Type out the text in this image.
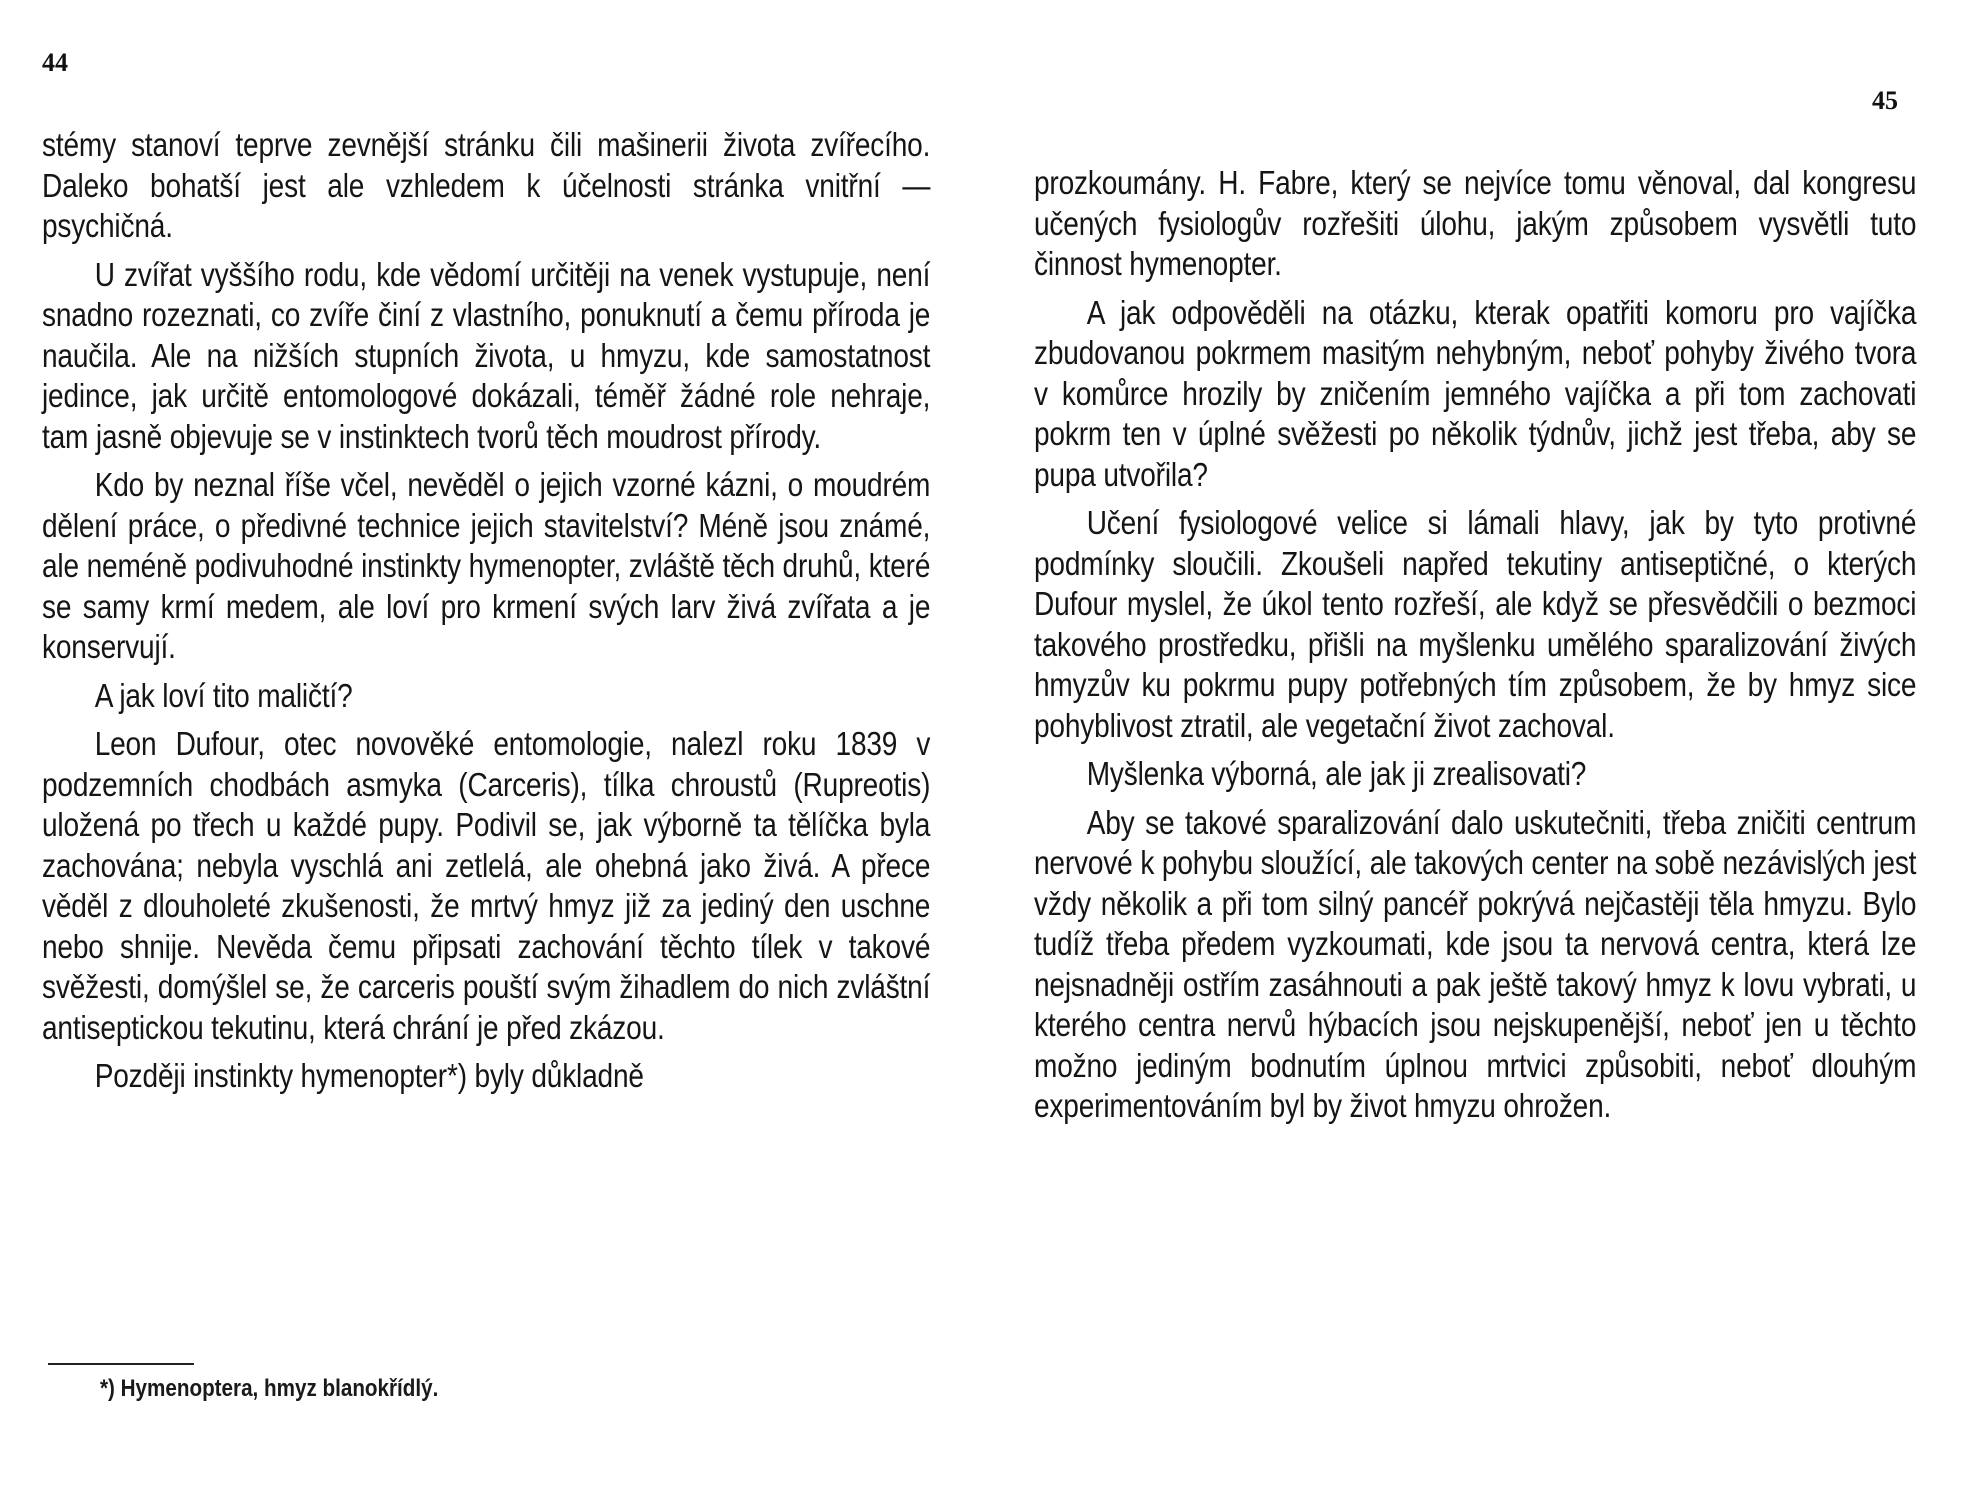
44

stémy stanoví teprve zevnější stránku čili mašinerii života zvířecího. Daleko bohatší jest ale vzhledem k účelnosti stránka vnitřní — psychičná.

U zvířat vyššího rodu, kde vědomí určitěji na venek vystupuje, není snadno rozeznati, co zvíře činí z vlastního, ponuknutí a čemu příroda je naučila. Ale na nižších stupních života, u hmyzu, kde samostatnost jedince, jak určitě entomologové dokázali, téměř žádné role nehraje, tam jasně objevuje se v instinktech tvorů těch moudrost přírody.

Kdo by neznal říše včel, nevěděl o jejich vzorné kázni, o moudrém dělení práce, o předivné technice jejich stavitelství? Méně jsou známé, ale neméně podivuhodné instinkty hymenopter, zvláště těch druhů, které se samy krmí medem, ale loví pro krmení svých larv živá zvířata a je konservují.

A jak loví tito maličtí?

Leon Dufour, otec novověké entomologie, nalezl roku 1839 v podzemních chodbách asmyka (Carceris), tílka chroustů (Rupreotis) uložená po třech u každé pupy. Podivil se, jak výborně ta tělíčka byla zachována; nebyla vyschlá ani zetlelá, ale ohebná jako živá. A přece věděl z dlouholeté zkušenosti, že mrtvý hmyz již za jediný den uschne nebo shnije. Nevěda čemu připsati zachování těchto tílek v takové svěžesti, domýšlel se, že carceris pouští svým žihadlem do nich zvláštní antiseptickou tekutinu, která chrání je před zkázou.

Později instinkty hymenopter*) byly důkladně

*) Hymenoptera, hmyz blanokřídlý.
45

prozkoumány. H. Fabre, který se nejvíce tomu věnoval, dal kongresu učených fysiologův rozřešiti úlohu, jakým způsobem vysvětli tuto činnost hymenopter.

A jak odpověděli na otázku, kterak opatřiti komoru pro vajíčka zbudovanou pokrmem masitým nehybným, neboť pohyby živého tvora v komůrce hrozily by zničením jemného vajíčka a při tom zachovati pokrm ten v úplné svěžesti po několik týdnův, jichž jest třeba, aby se pupa utvořila?

Učení fysiologové velice si lámali hlavy, jak by tyto protivné podmínky sloučili. Zkoušeli napřed tekutiny antiseptičné, o kterých Dufour myslel, že úkol tento rozřeší, ale když se přesvědčili o bezmoci takového prostředku, přišli na myšlenku umělého sparalizování živých hmyzův ku pokrmu pupy potřebných tím způsobem, že by hmyz sice pohyblivost ztratil, ale vegetační život zachoval.

Myšlenka výborná, ale jak ji zrealisovati?

Aby se takové sparalizování dalo uskutečniti, třeba zničiti centrum nervové k pohybu sloužící, ale takových center na sobě nezávislých jest vždy několik a při tom silný pancéř pokrývá nejčastěji těla hmyzu. Bylo tudíž třeba předem vyzkoumati, kde jsou ta nervová centra, která lze nejsnadněji ostřím zasáhnouti a pak ještě takový hmyz k lovu vybrati, u kterého centra nervů hýbacích jsou nejskupenější, neboť jen u těchto možno jediným bodnutím úplnou mrtvici způsobiti, neboť dlouhým experimentováním byl by život hmyzu ohrožen.
